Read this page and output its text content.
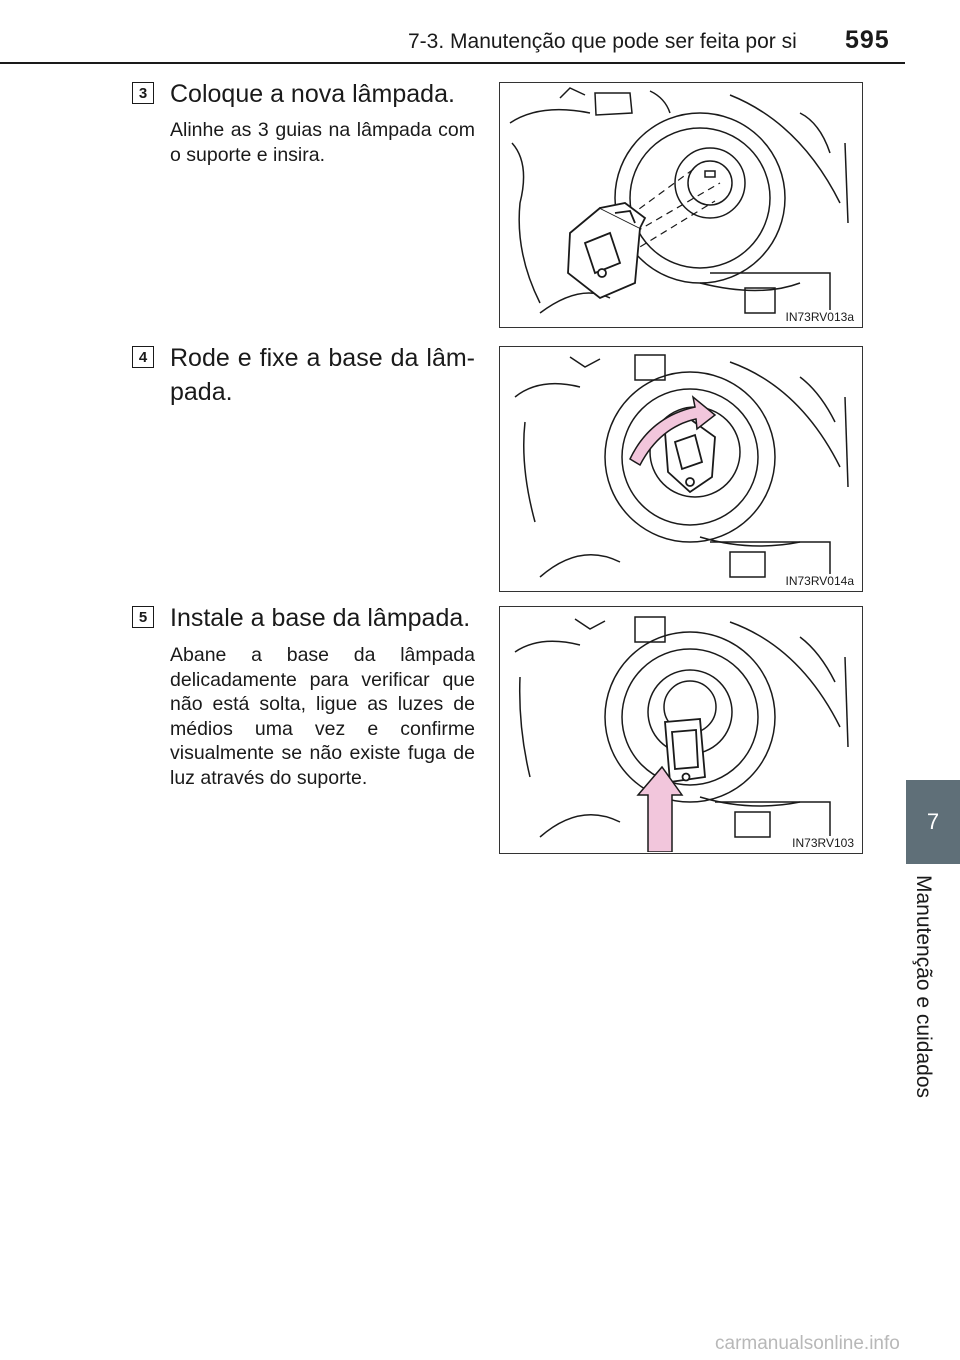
7-3. Manutenção que pode ser feita por si 595
7
Manutenção e cuidados
3 Coloque a nova lâmpada.
Alinhe as 3 guias na lâmpada com o suporte e insira.
IN73RV013a
4 Rode e fixe a base da lâm-
pada.
IN73RV014a
5 Instale a base da lâmpada.
Abane a base da lâmpada delicadamente para verificar que não está solta, ligue as luzes de médios uma vez e confirme visualmente se não existe fuga de luz através do suporte.
IN73RV103
carmanualsonline.info
